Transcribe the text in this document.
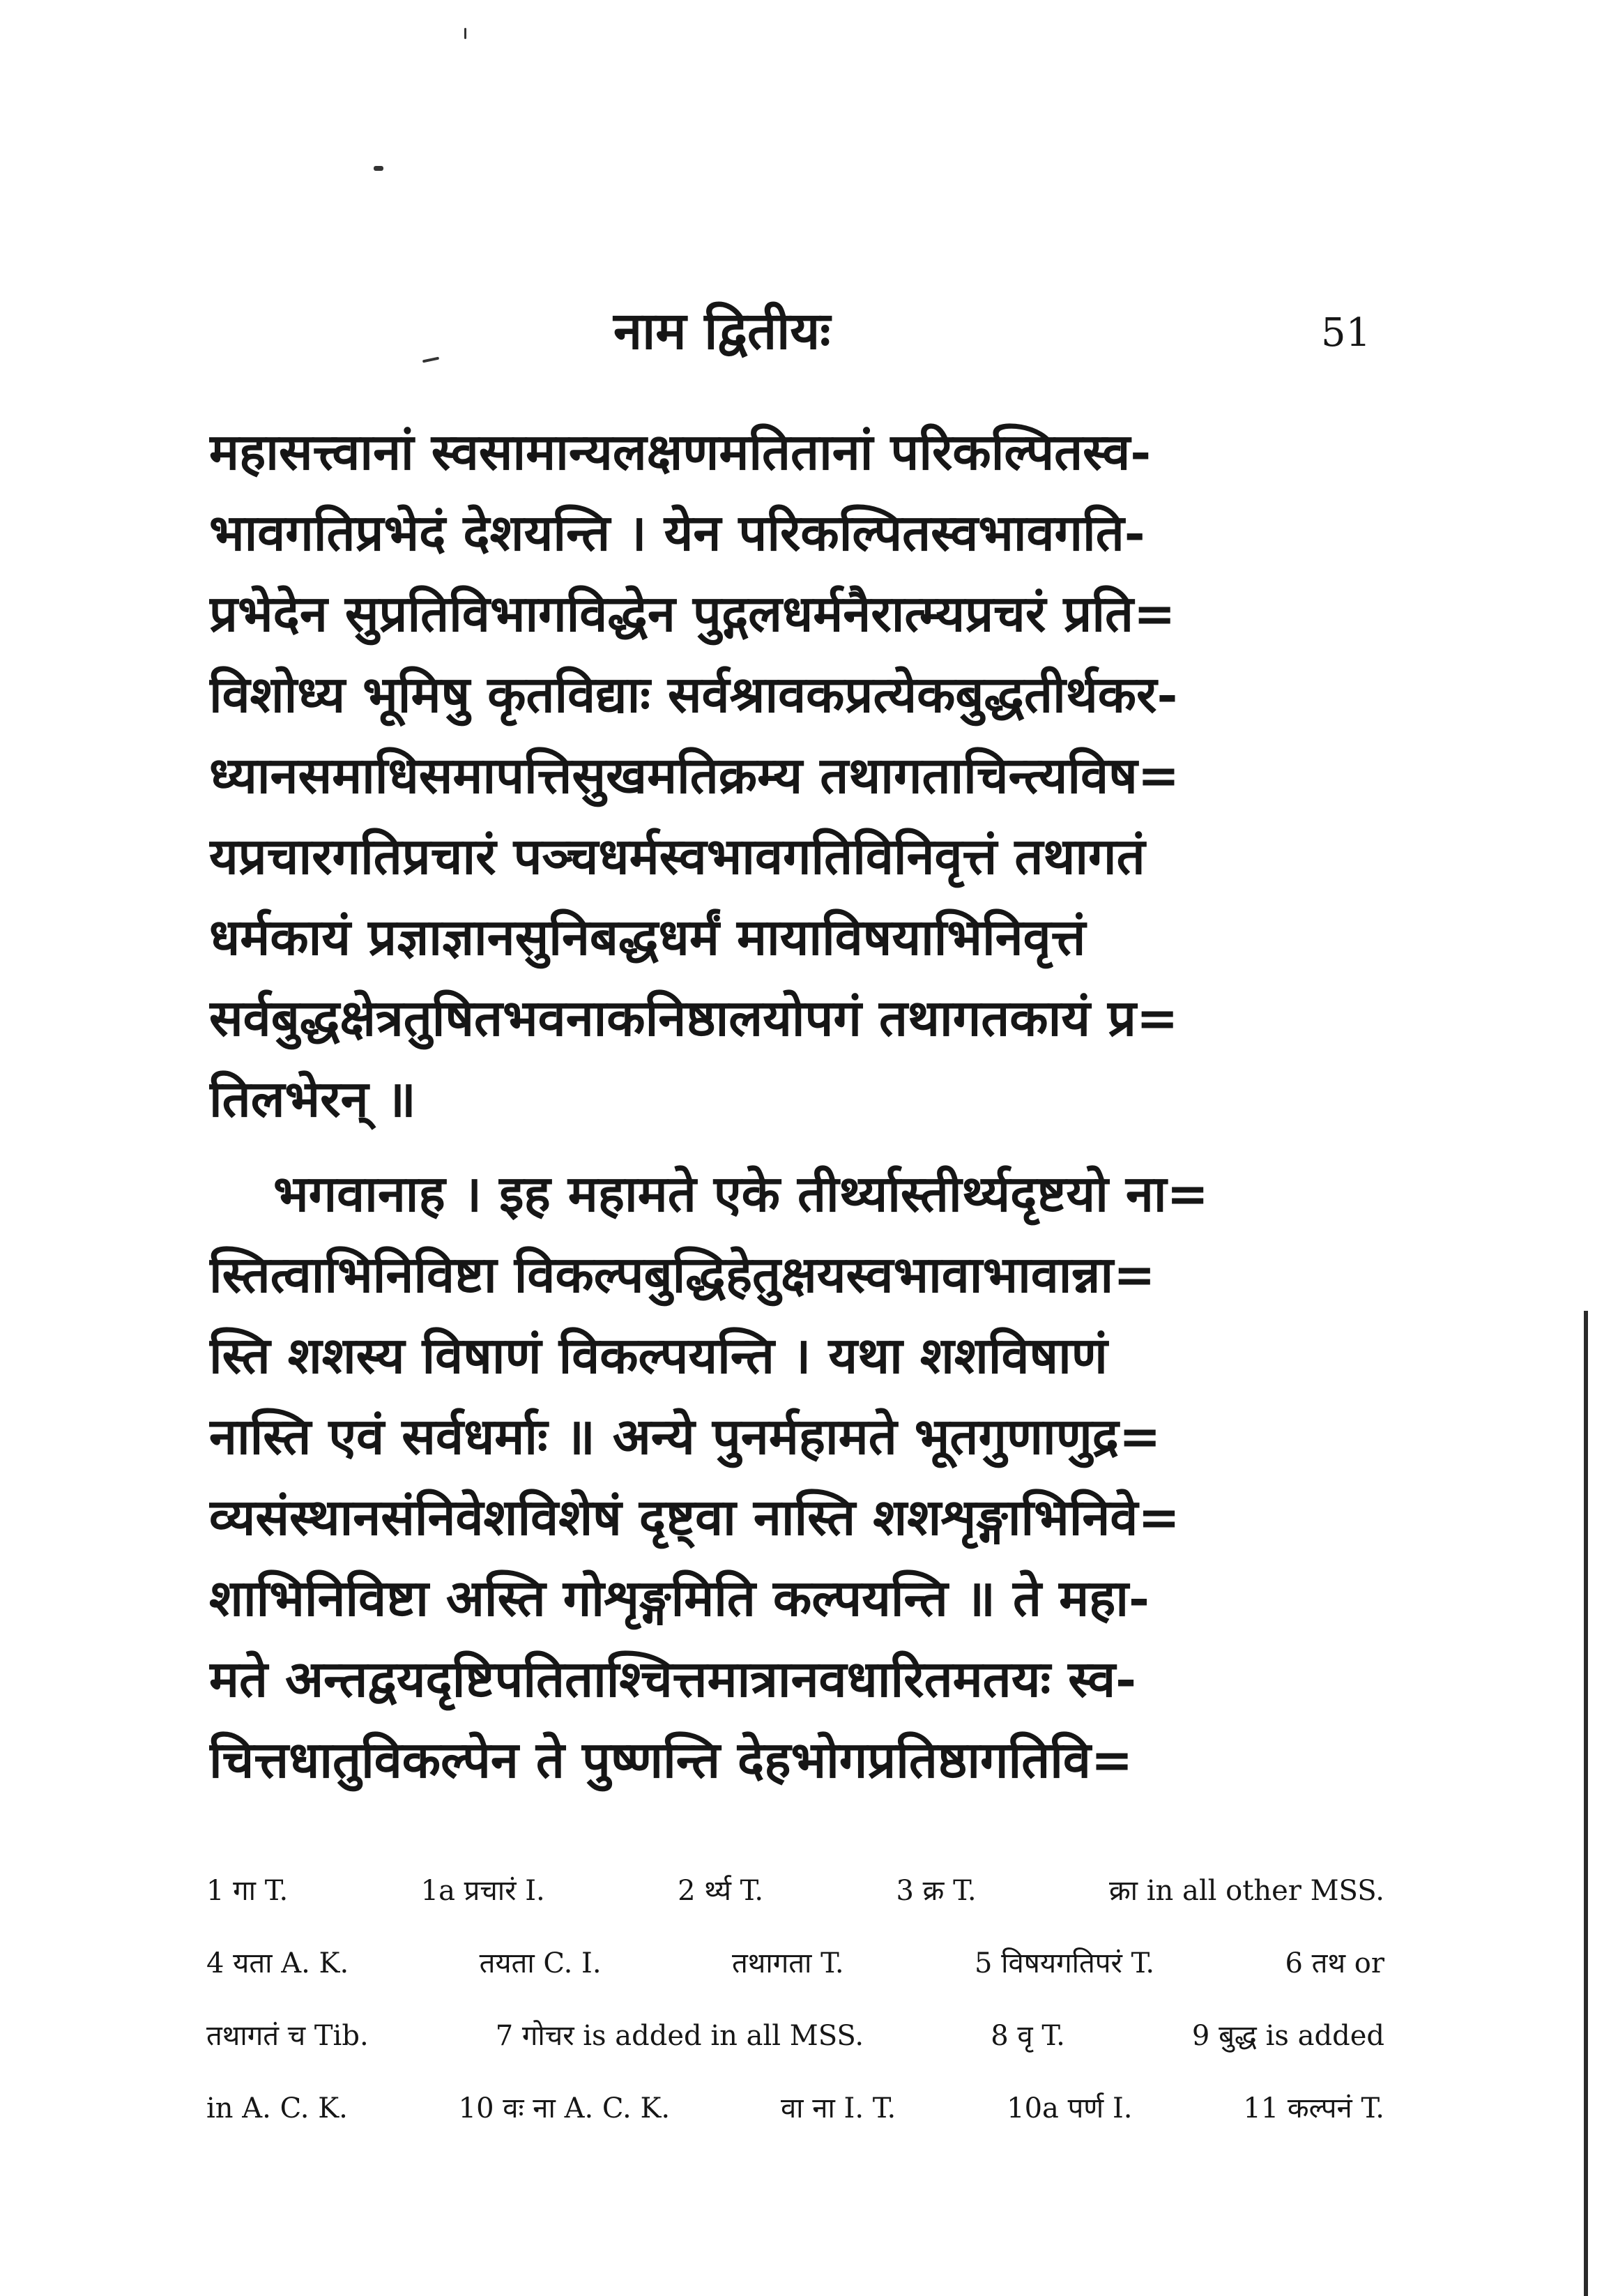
नाम द्वितीयः	51
महासत्त्वानां स्वसामान्यलक्षणमतितानां परिकल्पितस्व-
भावगतिप्रभेदं देशयन्ति । येन परिकल्पितस्वभावगति-
प्रभेदेन सुप्रतिविभागविद्धेन पुद्गलधर्मनैरात्म्यप्रचरं प्रति=
विशोध्य भूमिषु कृतविद्याः सर्वश्रावकप्रत्येकबुद्धतीर्थकर-
ध्यानसमाधिसमापत्तिसुखमतिक्रम्य तथागताचिन्त्यविष=
यप्रचारगतिप्रचारं पञ्चधर्मस्वभावगतिविनिवृत्तं तथागतं
धर्मकायं प्रज्ञाज्ञानसुनिबद्धधर्मं मायाविषयाभिनिवृत्तं
सर्वबुद्धक्षेत्रतुषितभवनाकनिष्ठालयोपगं तथागतकायं प्र=
तिलभेरन् ॥
भगवानाह । इह महामते एके तीर्थ्यास्तीर्थ्यदृष्टयो ना=
स्तित्वाभिनिविष्टा विकल्पबुद्धिहेतुक्षयस्वभावाभावान्ना=
स्ति शशस्य विषाणं विकल्पयन्ति । यथा शशविषाणं
नास्ति एवं सर्वधर्माः ॥ अन्ये पुनर्महामते भूतगुणाणुद्र=
व्यसंस्थानसंनिवेशविशेषं दृष्ट्वा नास्ति शशशृङ्गाभिनिवे=
शाभिनिविष्टा अस्ति गोशृङ्गमिति कल्पयन्ति ॥ ते महा-
मते अन्तद्वयदृष्टिपतिताश्चित्तमात्रानवधारितमतयः स्व-
चित्तधातुविकल्पेन ते पुष्णन्ति देहभोगप्रतिष्ठागतिवि=
1 गा T.	1a प्रचारं I.	2 र्थ्य T.	3 क्र T.	क्रा in all other MSS.
4 यता A. K.	तयता C. I.	तथागता T.	5 विषयगतिपरं T.	6 तथ or
तथागतं च Tib.	7 गोचर is added in all MSS.	8 वृ T.	9 बुद्ध is added
in A. C. K.	10 वः ना A. C. K.	वा ना I. T.	10a पर्ण I.	11 कल्पनं T.
